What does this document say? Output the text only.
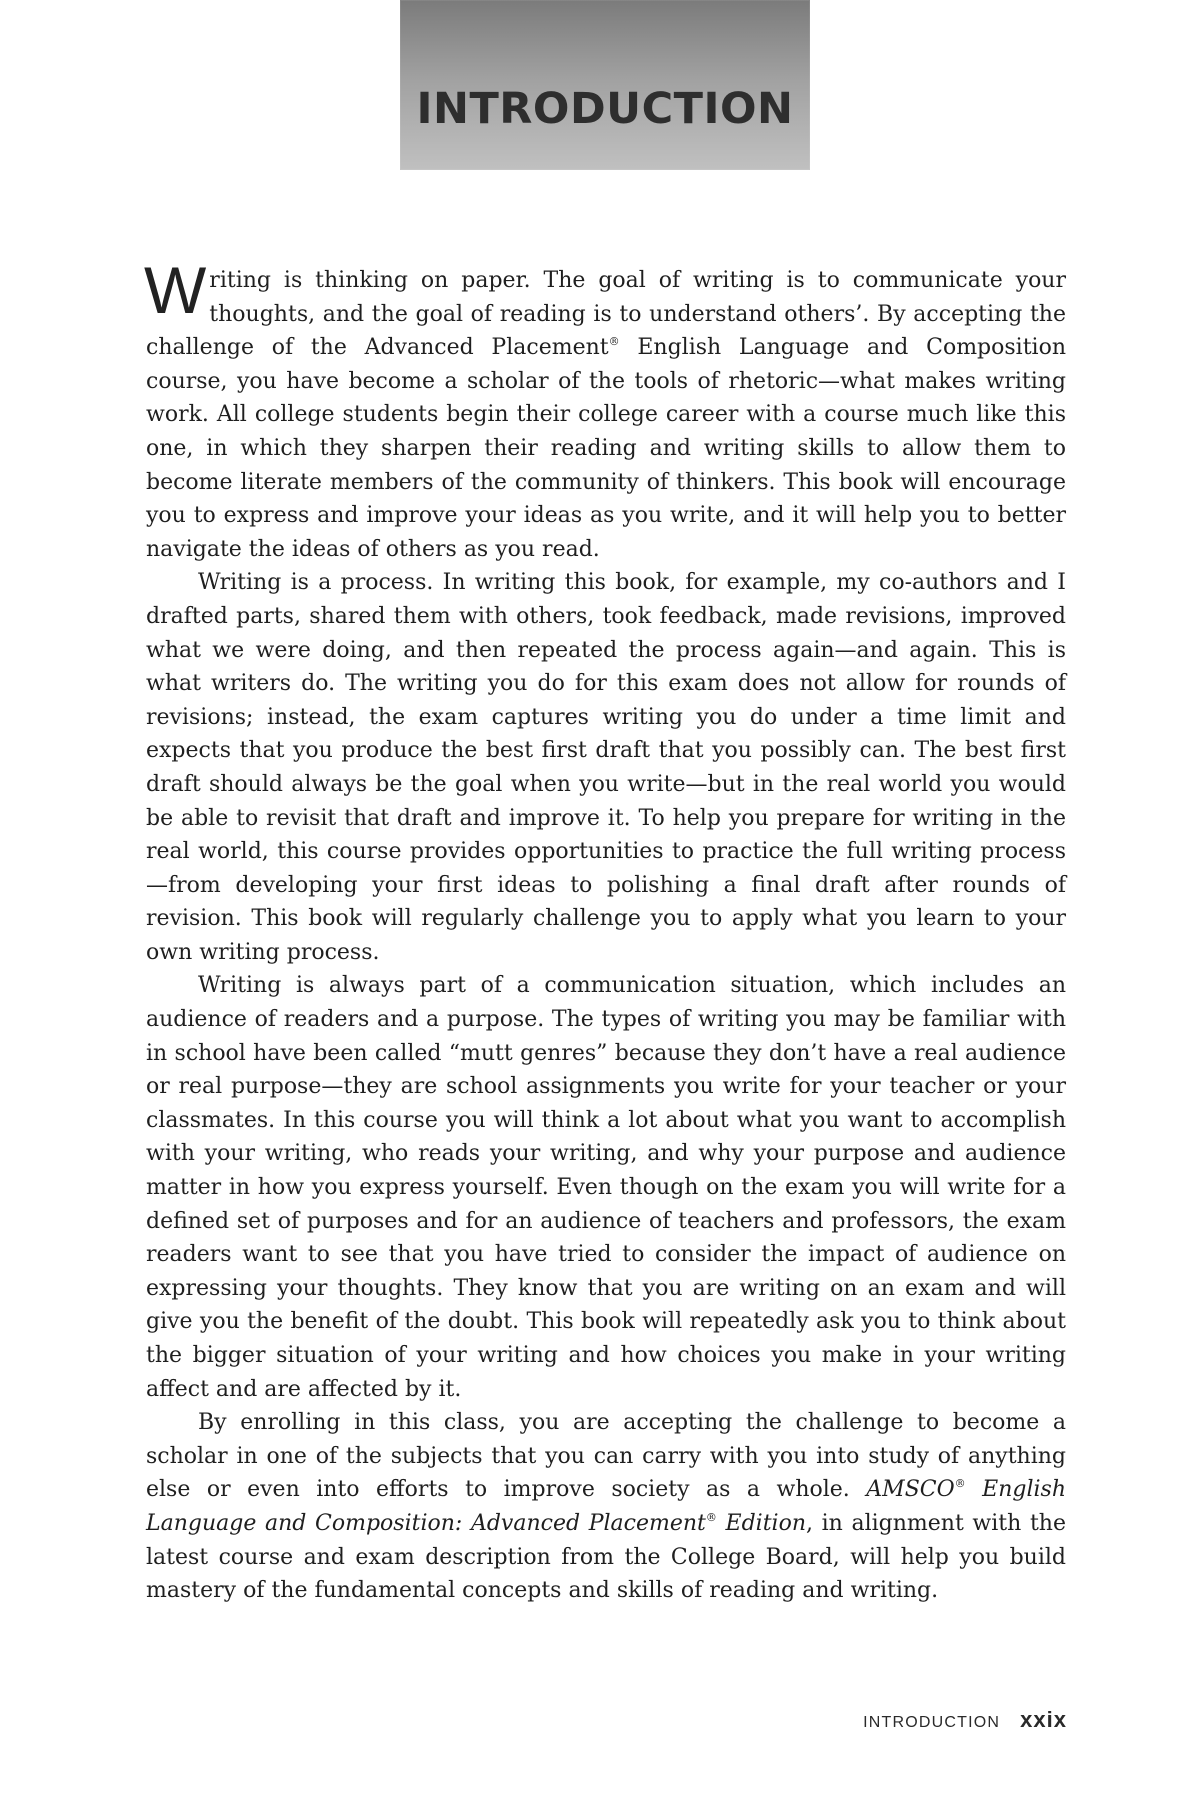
INTRODUCTION

Writing is thinking on paper. The goal of writing is to communicate your thoughts, and the goal of reading is to understand others’. By accepting the challenge of the Advanced Placement® English Language and Composition course, you have become a scholar of the tools of rhetoric—what makes writing work. All college students begin their college career with a course much like this one, in which they sharpen their reading and writing skills to allow them to become literate members of the community of thinkers. This book will encourage you to express and improve your ideas as you write, and it will help you to better navigate the ideas of others as you read.

Writing is a process. In writing this book, for example, my co-authors and I drafted parts, shared them with others, took feedback, made revisions, improved what we were doing, and then repeated the process again—and again. This is what writers do. The writing you do for this exam does not allow for rounds of revisions; instead, the exam captures writing you do under a time limit and expects that you produce the best first draft that you possibly can. The best first draft should always be the goal when you write—but in the real world you would be able to revisit that draft and improve it. To help you prepare for writing in the real world, this course provides opportunities to practice the full writing process—from developing your first ideas to polishing a final draft after rounds of revision. This book will regularly challenge you to apply what you learn to your own writing process.

Writing is always part of a communication situation, which includes an audience of readers and a purpose. The types of writing you may be familiar with in school have been called “mutt genres” because they don’t have a real audience or real purpose—they are school assignments you write for your teacher or your classmates. In this course you will think a lot about what you want to accomplish with your writing, who reads your writing, and why your purpose and audience matter in how you express yourself. Even though on the exam you will write for a defined set of purposes and for an audience of teachers and professors, the exam readers want to see that you have tried to consider the impact of audience on expressing your thoughts. They know that you are writing on an exam and will give you the benefit of the doubt. This book will repeatedly ask you to think about the bigger situation of your writing and how choices you make in your writing affect and are affected by it.

By enrolling in this class, you are accepting the challenge to become a scholar in one of the subjects that you can carry with you into study of anything else or even into efforts to improve society as a whole. AMSCO® English Language and Composition: Advanced Placement® Edition, in alignment with the latest course and exam description from the College Board, will help you build mastery of the fundamental concepts and skills of reading and writing.

INTRODUCTION xxix
